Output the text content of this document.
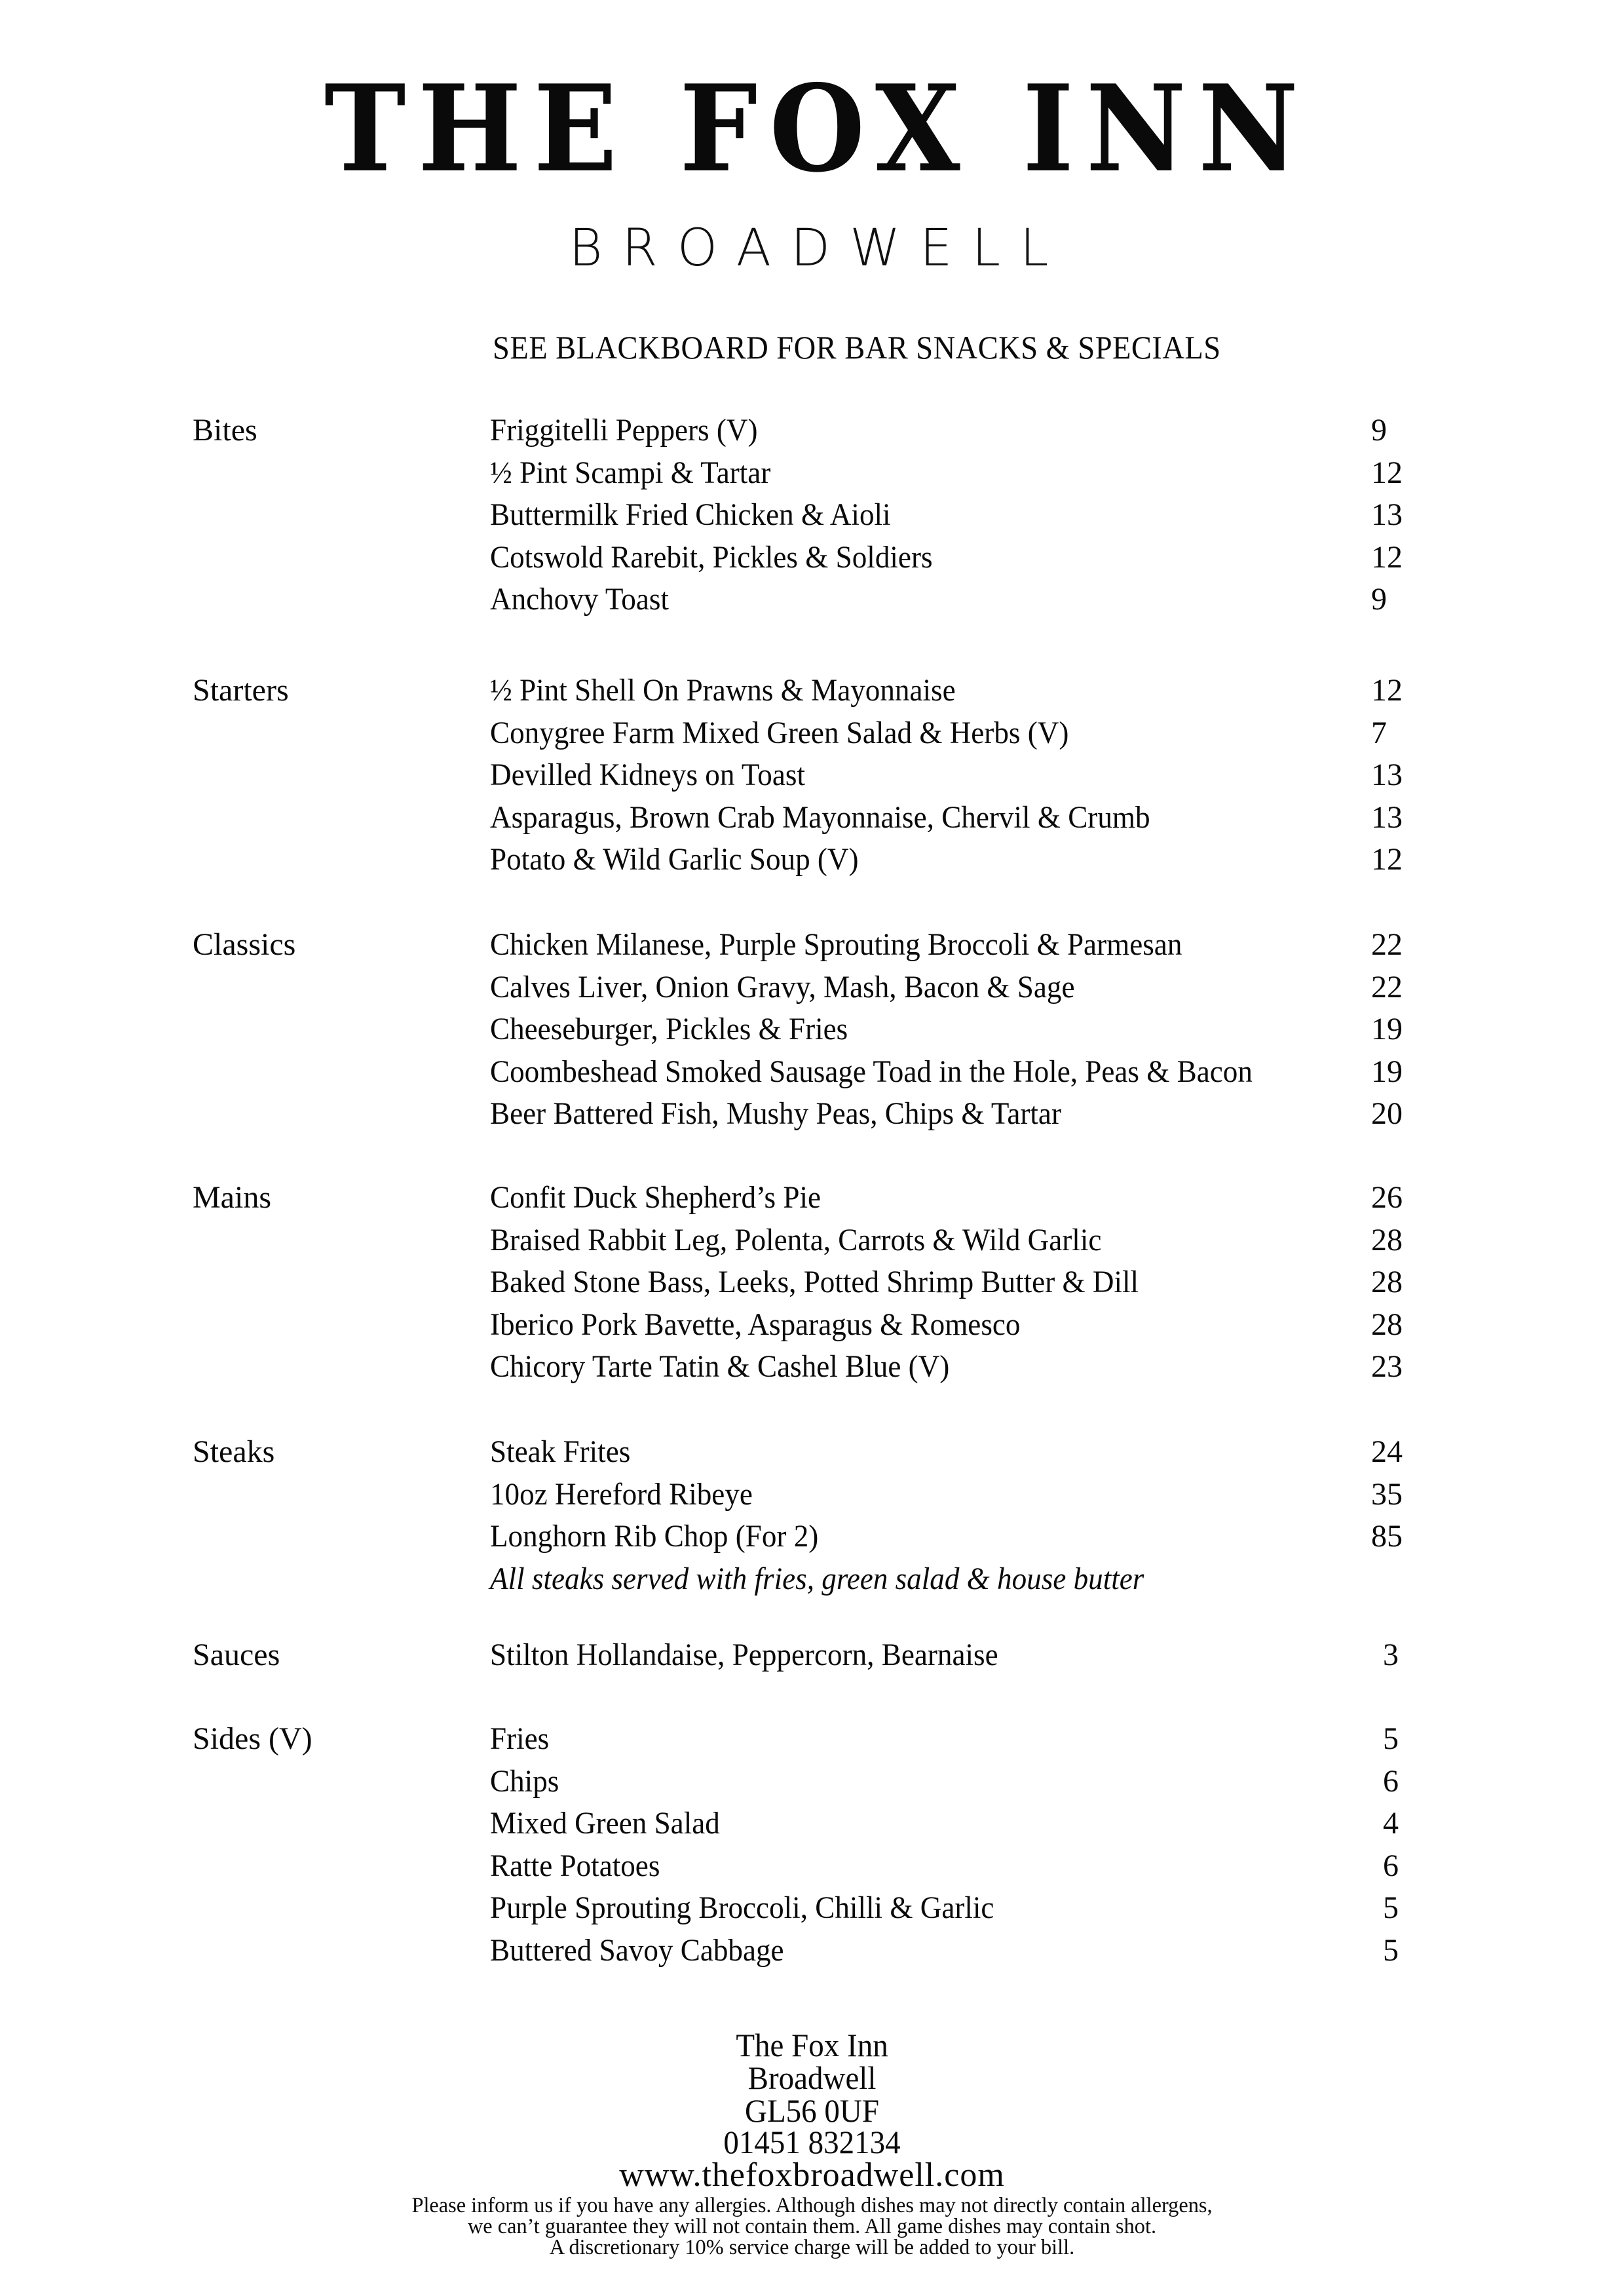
THE FOX INN
BROADWELL
SEE BLACKBOARD FOR BAR SNACKS & SPECIALS
Bites	Friggitelli Peppers (V)	9
½ Pint Scampi & Tartar	12
Buttermilk Fried Chicken & Aioli	13
Cotswold Rarebit, Pickles & Soldiers	12
Anchovy Toast	9
Starters	½ Pint Shell On Prawns & Mayonnaise	12
Conygree Farm Mixed Green Salad & Herbs (V)	7
Devilled Kidneys on Toast	13
Asparagus, Brown Crab Mayonnaise, Chervil & Crumb	13
Potato & Wild Garlic Soup (V)	12
Classics	Chicken Milanese, Purple Sprouting Broccoli & Parmesan	22
Calves Liver, Onion Gravy, Mash, Bacon & Sage	22
Cheeseburger, Pickles & Fries	19
Coombeshead Smoked Sausage Toad in the Hole, Peas & Bacon	19
Beer Battered Fish, Mushy Peas, Chips & Tartar	20
Mains	Confit Duck Shepherd’s Pie	26
Braised Rabbit Leg, Polenta, Carrots & Wild Garlic	28
Baked Stone Bass, Leeks, Potted Shrimp Butter & Dill	28
Iberico Pork Bavette, Asparagus & Romesco	28
Chicory Tarte Tatin & Cashel Blue (V)	23
Steaks	Steak Frites	24
10oz Hereford Ribeye	35
Longhorn Rib Chop (For 2)	85
All steaks served with fries, green salad & house butter
Sauces	Stilton Hollandaise, Peppercorn, Bearnaise	3
Sides (V)	Fries	5
Chips	6
Mixed Green Salad	4
Ratte Potatoes	6
Purple Sprouting Broccoli, Chilli & Garlic	5
Buttered Savoy Cabbage	5
The Fox Inn
Broadwell
GL56 0UF
01451 832134
www.thefoxbroadwell.com
Please inform us if you have any allergies. Although dishes may not directly contain allergens,
we can’t guarantee they will not contain them. All game dishes may contain shot.
A discretionary 10% service charge will be added to your bill.
